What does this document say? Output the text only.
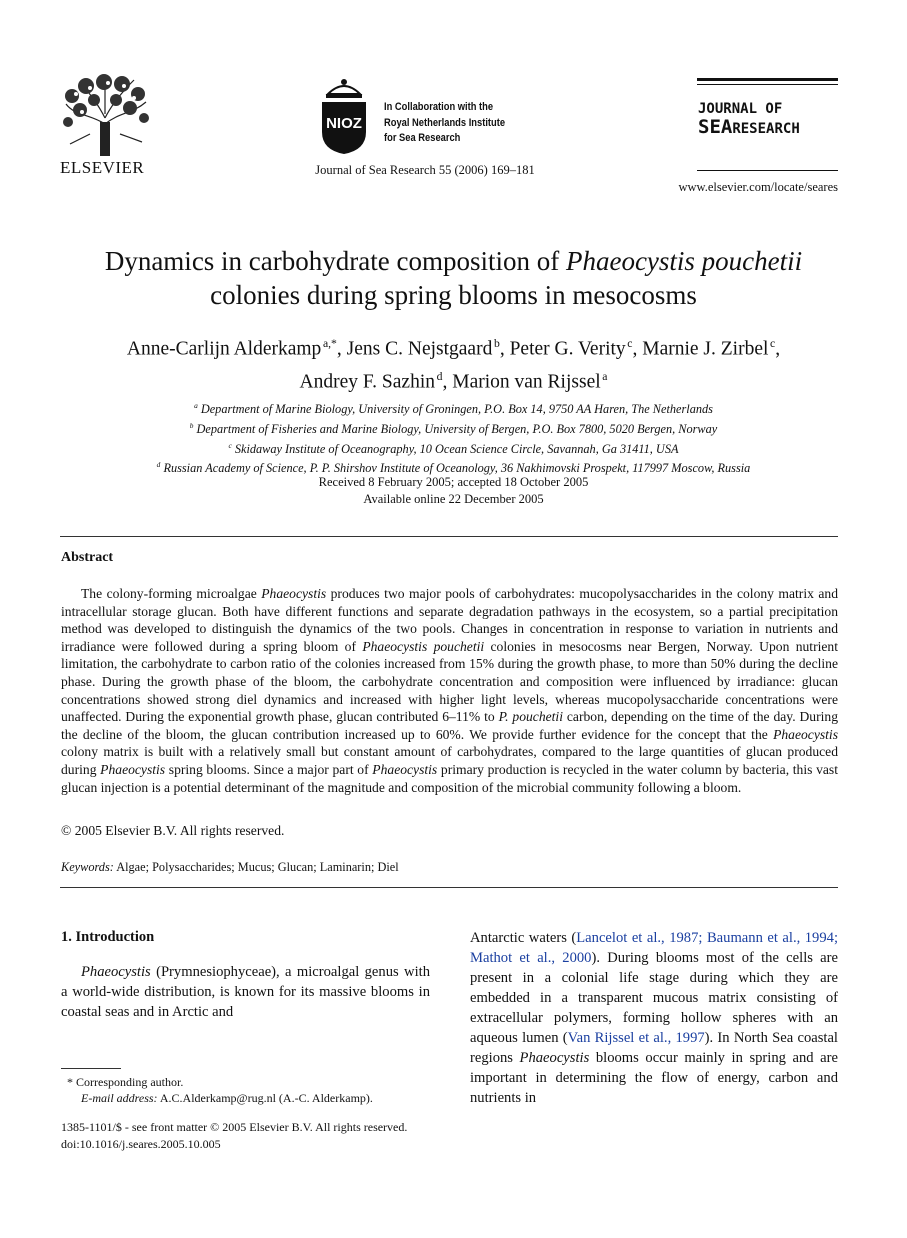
ELSEVIER
NIOZ
In Collaboration with the
Royal Netherlands Institute
for Sea Research
Journal of Sea Research 55 (2006) 169–181
JOURNAL OF
SEARESEARCH
www.elsevier.com/locate/seares
Dynamics in carbohydrate composition of Phaeocystis pouchetii
colonies during spring blooms in mesocosms
Anne-Carlijn Alderkamp  $^{a,*}$, Jens C. Nejstgaard  $^b$, Peter G. Verity  $^c$, Marnie J. Zirbel  $^c$,
Andrey F. Sazhin  $^d$, Marion van Rijssel  $^a$
$^a$ Department of Marine Biology, University of Groningen, P.O. Box 14, 9750 AA Haren, The Netherlands
$^b$ Department of Fisheries and Marine Biology, University of Bergen, P.O. Box 7800, 5020 Bergen, Norway
$^c$ Skidaway Institute of Oceanography, 10 Ocean Science Circle, Savannah, Ga 31411, USA
$^d$ Russian Academy of Science, P. P. Shirshov Institute of Oceanology, 36 Nakhimovski Prospekt, 117997 Moscow, Russia
Received 8 February 2005; accepted 18 October 2005
Available online 22 December 2005
Abstract
The colony-forming microalgae Phaeocystis produces two major pools of carbohydrates: mucopolysaccharides in the colony matrix and intracellular storage glucan. Both have different functions and separate degradation pathways in the ecosystem, so a partial precipitation method was developed to distinguish the dynamics of the two pools. Changes in concentration in response to variation in nutrients and irradiance were followed during a spring bloom of Phaeocystis pouchetii colonies in mesocosms near Bergen, Norway. Upon nutrient limitation, the carbohydrate to carbon ratio of the colonies increased from 15% during the growth phase, to more than 50% during the decline phase. During the growth phase of the bloom, the carbohydrate concentration and composition were influenced by irradiance: glucan concentrations showed strong diel dynamics and increased with higher light levels, whereas mucopolysaccharide concentrations were unaffected. During the exponential growth phase, glucan contributed 6–11% to P. pouchetii carbon, depending on the time of the day. During the decline of the bloom, the glucan contribution increased up to 60%. We provide further evidence for the concept that the Phaeocystis colony matrix is built with a relatively small but constant amount of carbohydrates, compared to the large quantities of glucan produced during Phaeocystis spring blooms. Since a major part of Phaeocystis primary production is recycled in the water column by bacteria, this vast glucan injection is a potential determinant of the magnitude and composition of the microbial community following a bloom.
© 2005 Elsevier B.V. All rights reserved.
Keywords: Algae; Polysaccharides; Mucus; Glucan; Laminarin; Diel
1. Introduction
Phaeocystis (Prymnesiophyceae), a microalgal genus with a world-wide distribution, is known for its massive blooms in coastal seas and in Arctic and
Antarctic waters (Lancelot et al., 1987; Baumann et al., 1994; Mathot et al., 2000). During blooms most of the cells are present in a colonial life stage during which they are embedded in a transparent mucous matrix consisting of extracellular polymers, forming hollow spheres with an aqueous lumen (Van Rijssel et al., 1997). In North Sea coastal regions Phaeocystis blooms occur mainly in spring and are important in determining the flow of energy, carbon and nutrients in
* Corresponding author.
E-mail address: A.C.Alderkamp@rug.nl (A.-C. Alderkamp).
1385-1101/$ - see front matter © 2005 Elsevier B.V. All rights reserved.
doi:10.1016/j.seares.2005.10.005
